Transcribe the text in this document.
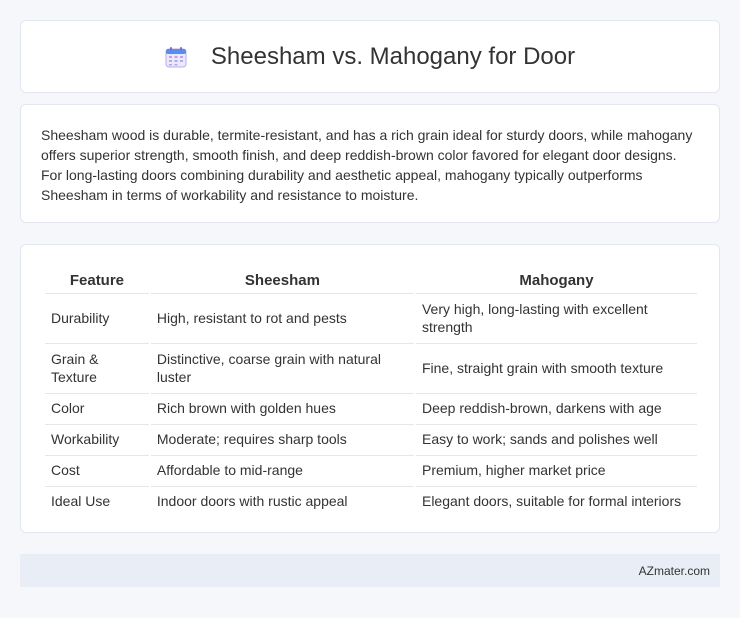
Sheesham vs. Mahogany for Door

Sheesham wood is durable, termite-resistant, and has a rich grain ideal for sturdy doors, while mahogany offers superior strength, smooth finish, and deep reddish-brown color favored for elegant door designs. For long-lasting doors combining durability and aesthetic appeal, mahogany typically outperforms Sheesham in terms of workability and resistance to moisture.

Feature	Sheesham	Mahogany
Durability	High, resistant to rot and pests	Very high, long-lasting with excellent strength
Grain & Texture	Distinctive, coarse grain with natural luster	Fine, straight grain with smooth texture
Color	Rich brown with golden hues	Deep reddish-brown, darkens with age
Workability	Moderate; requires sharp tools	Easy to work; sands and polishes well
Cost	Affordable to mid-range	Premium, higher market price
Ideal Use	Indoor doors with rustic appeal	Elegant doors, suitable for formal interiors
AZmater.com
